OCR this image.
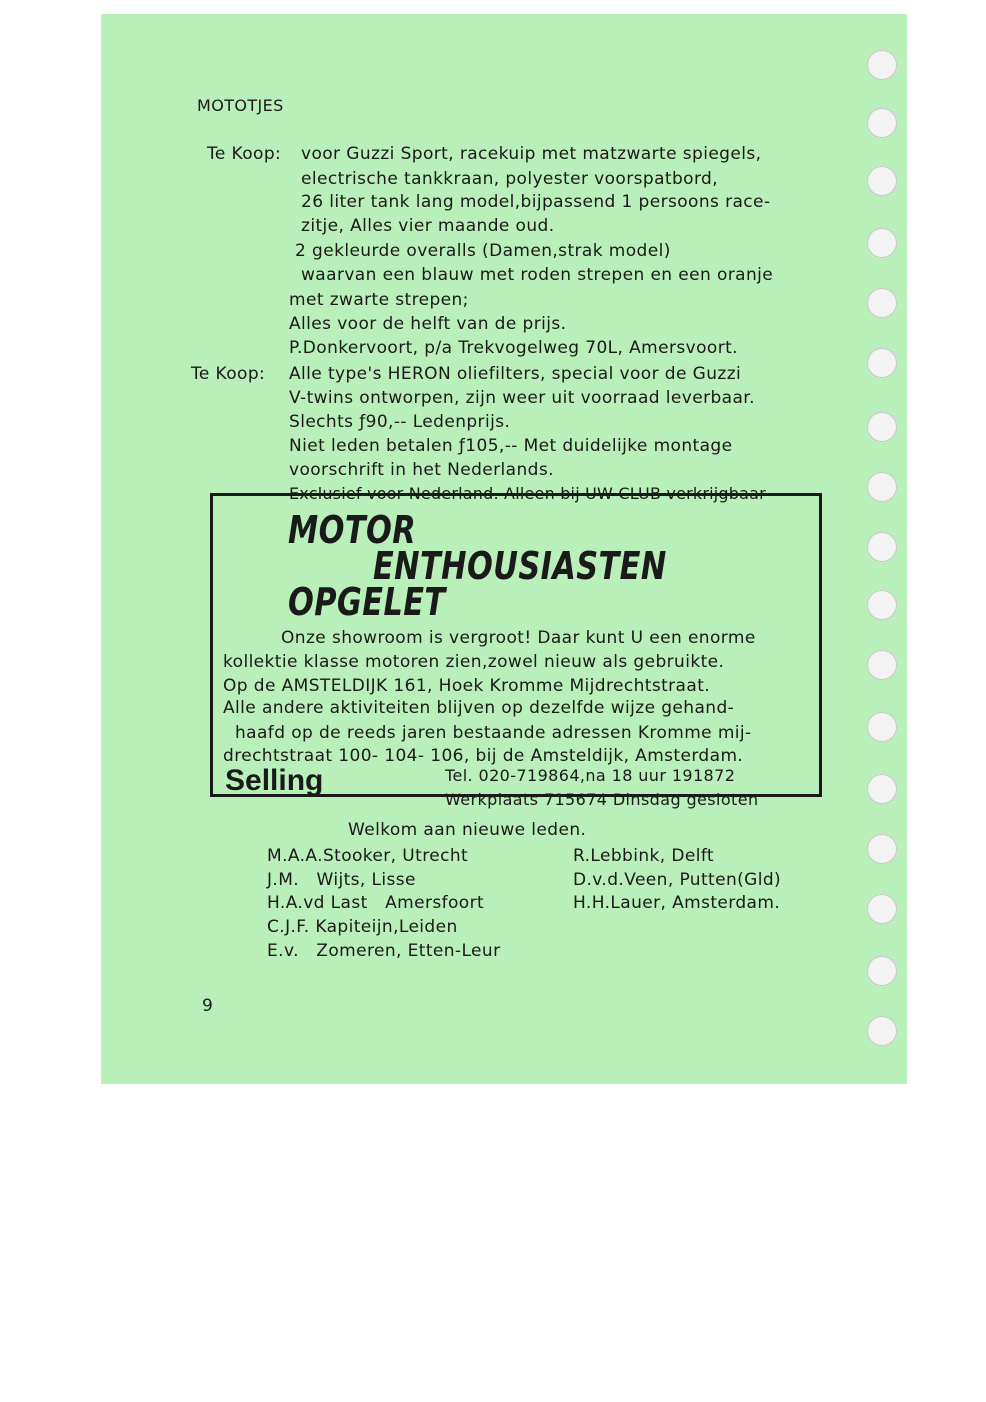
MOTOTJES
Te Koop: voor Guzzi Sport, racekuip met matzwarte spiegels,
electrische tankkraan, polyester voorspatbord,
26 liter tank lang model,bijpassend 1 persoons race-
zitje, Alles vier maande oud.
2 gekleurde overalls (Damen,strak model)
waarvan een blauw met roden strepen en een oranje
met zwarte strepen;
Alles voor de helft van de prijs.
P.Donkervoort, p/a Trekvogelweg 70L, Amersvoort.
Te Koop: Alle type's HERON oliefilters, special voor de Guzzi
V-twins ontworpen, zijn weer uit voorraad leverbaar.
Slechts ƒ90,-- Ledenprijs.
Niet leden betalen ƒ105,-- Met duidelijke montage
voorschrift in het Nederlands.
Exclusief voor Nederland. Alleen bij UW CLUB verkrijgbaar
MOTOR
ENTHOUSIASTEN
OPGELET
Onze showroom is vergroot! Daar kunt U een enorme
kollektie klasse motoren zien,zowel nieuw als gebruikte.
Op de AMSTELDIJK 161, Hoek Kromme Mijdrechtstraat.
Alle andere aktiviteiten blijven op dezelfde wijze gehand-
haafd op de reeds jaren bestaande adressen Kromme mij-
drechtstraat 100- 104- 106, bij de Amsteldijk, Amsterdam.
Selling	Tel. 020-719864,na 18 uur 191872
Werkplaats 715674 Dinsdag gesloten
Welkom aan nieuwe leden.
M.A.A.Stooker, Utrecht
J.M.   Wijts, Lisse
H.A.vd Last   Amersfoort
C.J.F. Kapiteijn,Leiden
E.v.   Zomeren, Etten-Leur
R.Lebbink, Delft
D.v.d.Veen, Putten(Gld)
H.H.Lauer, Amsterdam.
9
